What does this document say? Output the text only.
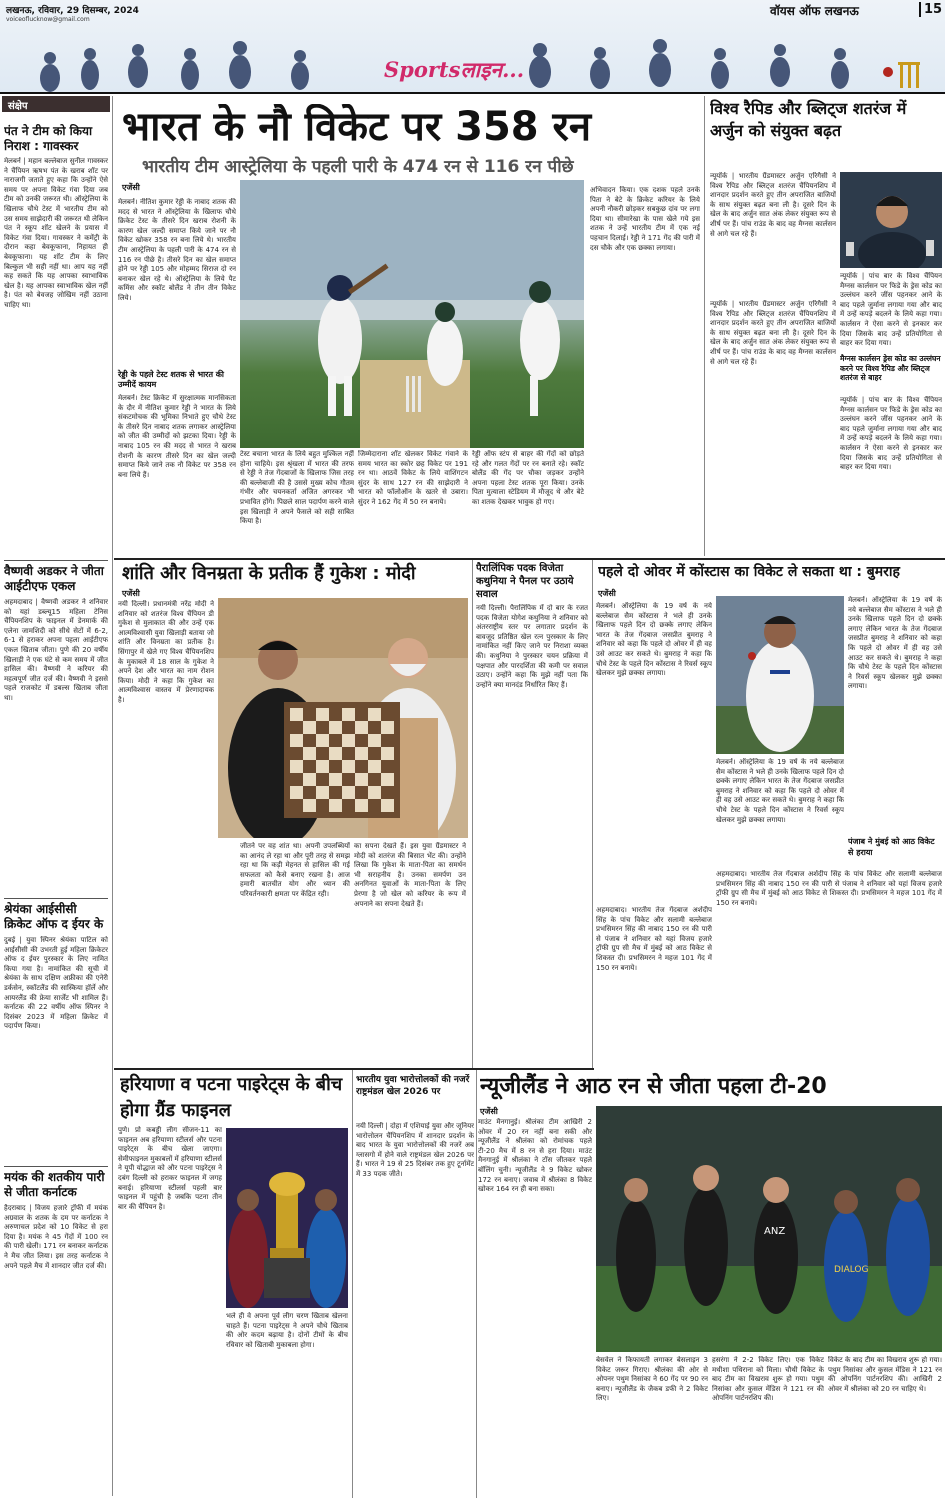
लखनऊ, रविवार, 29 दिसम्बर, 2024
voiceoflucknow@gmail.com
वॉयस ऑफ लखनऊ	15
Sportsलाइन...
संक्षेप
पंत ने टीम को किया निराश : गावस्कर
मेलबर्न | महान बल्लेबाज सुनील गावस्कर ने चैंपियन ऋषभ पंत के खराब शॉट पर नाराजगी जताते हुए कहा कि उन्होंने ऐसे समय पर अपना विकेट गंवा दिया जब टीम को उनकी जरूरत थी। ऑस्ट्रेलिया के खिलाफ चौथे टेस्ट में भारतीय टीम को उस समय साझेदारी की जरूरत थी लेकिन पंत ने स्कूप शॉट खेलने के प्रयास में विकेट गंवा दिया। गावस्कर ने कमेंट्री के दौरान कहा बेवकूफाना, निहायत ही बेवकूफाना। यह शॉट टीम के लिए बिल्कुल भी सही नहीं था। आप यह नहीं कह सकते कि यह आपका स्वाभाविक खेल है। यह आपका स्वाभाविक खेल नहीं है। पंत को बेवजह जोखिम नहीं उठाना चाहिए था।
वैष्णवी अडकर ने जीता आईटीएफ एकल
अहमदाबाद | वैष्णवी अडकर ने शनिवार को यहां डब्ल्यू15 महिला टेनिस चैंपियनशिप के फाइनल में डेनमार्क की एलेना जामशिदी को सीधे सेटों में 6-2, 6-1 से हराकर अपना पहला आईटीएफ एकल खिताब जीता। पुणे की 20 वर्षीय खिलाड़ी ने एक घंटे से कम समय में जीत हासिल की। वैष्णवी ने करियर की महत्वपूर्ण जीत दर्ज की। वैष्णवी ने इससे पहले राजकोट में डबल्स खिताब जीता था।
श्रेयंका आईसीसी क्रिकेट ऑफ द ईयर के
दुबई | युवा स्पिनर श्रेयंका पाटिल को आईसीसी की उभरती हुई महिला क्रिकेटर ऑफ द ईयर पुरस्कार के लिए नामित किया गया है। नामांकित की सूची में श्रेयंका के साथ दक्षिण अफ्रीका की एनेरी डर्कसेन, स्कॉटलैंड की सास्किया हॉर्ले और आयरलैंड की फ्रेया सार्जेंट भी शामिल हैं। कर्नाटक की 22 वर्षीय ऑफ स्पिनर ने दिसंबर 2023 में महिला क्रिकेट में पदार्पण किया।
मयंक की शतकीय पारी से जीता कर्नाटक
हैदराबाद | विजय हजारे ट्रॉफी में मयंक अग्रवाल के शतक के दम पर कर्नाटक ने अरुणाचल प्रदेश को 10 विकेट से हरा दिया है। मयंक ने 45 गेंदों में 100 रन की पारी खेली। 171 रन बनाकर कर्नाटक ने मैच जीत लिया। इस तरह कर्नाटक ने अपने पहले मैच में शानदार जीत दर्ज की।
भारत के नौ विकेट पर 358 रन
भारतीय टीम आस्ट्रेलिया के पहली पारी के 474 रन से 116 रन पीछे
एजेंसी
मेलबर्न। नीतिश कुमार रेड्डी के नाबाद शतक की मदद से भारत ने ऑस्ट्रेलिया के खिलाफ चौथे क्रिकेट टेस्ट के तीसरे दिन खराब रोशनी के कारण खेल जल्दी समाप्त किये जाने पर नौ विकेट खोकर 358 रन बना लिये थे। भारतीय टीम आस्ट्रेलिया के पहली पारी के 474 रन से 116 रन पीछे है। तीसरे दिन का खेल समाप्त होने पर रेड्डी 105 और मोहम्मद सिराज दो रन बनाकर खेल रहे थे। ऑस्ट्रेलिया के लिये पैट कमिंस और स्कॉट बोलैंड ने तीन तीन विकेट लिये।
रेड्डी के पहले टेस्ट शतक से भारत की उम्मीदें कायम
मेलबर्न। टेस्ट क्रिकेट में सुरक्षात्मक मानसिकता के दौर में नीतिश कुमार रेड्डी ने भारत के लिये संकटमोचक की भूमिका निभाते हुए चौथे टेस्ट के तीसरे दिन नाबाद शतक लगाकर आस्ट्रेलिया को जीत की उम्मीदों को झटका दिया। रेड्डी के नाबाद 105 रन की मदद से भारत ने खराब रोशनी के कारण तीसरे दिन का खेल जल्दी समाप्त किये जाने तक नौ विकेट पर 358 रन बना लिये हैं।
टेस्ट बचाना भारत के लिये बहुत मुश्किल नहीं होना चाहिये। इस श्रृंखला में भारत की तरफ से रेड्डी ने तेज गेंदबाजों के खिलाफ जिस तरह की बल्लेबाजी की है उससे मुख्य कोच गौतम गंभीर और चयनकर्ता अजित अगरकर भी प्रभावित होंगे। पिछले साल पदार्पण करने वाले इस खिलाड़ी ने अपने फैसले को सही साबित किया है।
जिम्मेदाराना शॉट खेलकर विकेट गंवाने के समय भारत का स्कोर छह विकेट पर 191 रन था। आठवें विकेट के लिये वाशिंगटन सुंदर के साथ 127 रन की साझेदारी ने भारत को फॉलोऑन के खतरे से उबारा। सुंदर ने 162 गेंद में 50 रन बनाये।
रेड्डी ऑफ स्टंप से बाहर की गेंदों को छोड़ते रहे और गलत गेंदों पर रन बनाते रहे। स्कॉट बोलैंड की गेंद पर चौका जड़कर उन्होंने अपना पहला टेस्ट शतक पूरा किया। उनके पिता मुत्याला स्टेडियम में मौजूद थे और बेटे का शतक देखकर भावुक हो गए।
अभिवादन किया। एक दशक पहले उनके पिता ने बेटे के क्रिकेट करियर के लिये अपनी नौकरी छोड़कर सबकुछ दांव पर लगा दिया था। सीमारेखा के पास खेले गये इस शतक ने उन्हें भारतीय टीम में एक नई पहचान दिलाई। रेड्डी ने 171 गेंद की पारी में दस चौके और एक छक्का लगाया।
विश्व रैपिड और ब्लिट्ज शतरंज में अर्जुन को संयुक्त बढ़त
न्यूयॉर्क | भारतीय ग्रैंडमास्टर अर्जुन एरिगैसी ने विश्व रैपिड और ब्लिट्ज शतरंज चैंपियनशिप में शानदार प्रदर्शन करते हुए तीन अपराजित बाजियों के साथ संयुक्त बढ़त बना ली है। दूसरे दिन के खेल के बाद अर्जुन सात अंक लेकर संयुक्त रूप से शीर्ष पर हैं। पांच राउंड के बाद वह मैग्नस कार्लसन से आगे चल रहे हैं।
न्यूयॉर्क | पांच बार के विश्व चैंपियन मैग्नस कार्लसन पर फिडे के ड्रेस कोड का उल्लंघन करने जींस पहनकर आने के बाद पहले जुर्माना लगाया गया और बाद में उन्हें कपड़े बदलने के लिये कहा गया। कार्लसन ने ऐसा करने से इनकार कर दिया जिसके बाद उन्हें प्रतियोगिता से बाहर कर दिया गया।
न्यूयॉर्क | भारतीय ग्रैंडमास्टर अर्जुन एरिगैसी ने विश्व रैपिड और ब्लिट्ज शतरंज चैंपियनशिप में शानदार प्रदर्शन करते हुए तीन अपराजित बाजियों के साथ संयुक्त बढ़त बना ली है। दूसरे दिन के खेल के बाद अर्जुन सात अंक लेकर संयुक्त रूप से शीर्ष पर हैं। पांच राउंड के बाद वह मैग्नस कार्लसन से आगे चल रहे हैं।	मैग्नस कार्लसन ड्रेस कोड का उल्लंघन करने पर विश्व रैपिड और ब्लिट्ज शतरंज से बाहर
न्यूयॉर्क | पांच बार के विश्व चैंपियन मैग्नस कार्लसन पर फिडे के ड्रेस कोड का उल्लंघन करने जींस पहनकर आने के बाद पहले जुर्माना लगाया गया और बाद में उन्हें कपड़े बदलने के लिये कहा गया। कार्लसन ने ऐसा करने से इनकार कर दिया जिसके बाद उन्हें प्रतियोगिता से बाहर कर दिया गया।
शांति और विनम्रता के प्रतीक हैं गुकेश : मोदी
एजेंसी
नयी दिल्ली। प्रधानमंत्री नरेंद्र मोदी ने शनिवार को शतरंज विश्व चैंपियन डी गुकेश से मुलाकात की और उन्हें एक आत्मविश्वासी युवा खिलाड़ी बताया जो शांति और विनम्रता का प्रतीक है। सिंगापुर में खेले गए विश्व चैंपियनशिप के मुकाबले में 18 साल के गुकेश ने अपने देश और भारत का नाम रोशन किया। मोदी ने कहा कि गुकेश का आत्मविश्वास वास्तव में प्रेरणादायक है।
जीतने पर वह शांत था। अपनी उपलब्धियों का आनंद ले रहा था और पूरी तरह से समझ रहा था कि कड़ी मेहनत से हासिल की गई सफलता को कैसे बनाए रखना है। आज हमारी बातचीत योग और ध्यान की परिवर्तनकारी क्षमता पर केंद्रित रही।
का सपना देखते हैं। इस युवा ग्रैंडमास्टर ने मोदी को शतरंज की बिसात भेंट की। उन्होंने लिखा कि गुकेश के माता-पिता का समर्थन भी सराहनीय है। उनका समर्पण उन अनगिनत युवाओं के माता-पिता के लिए प्रेरणा है जो खेल को करियर के रूप में अपनाने का सपना देखते हैं।
पैरालिंपिक पदक विजेता कथुनिया ने पैनल पर उठाये सवाल
नयी दिल्ली। पैरालिंपिक में दो बार के रजत पदक विजेता योगेश कथुनिया ने शनिवार को अंतरराष्ट्रीय स्तर पर लगातार प्रदर्शन के बावजूद प्रतिष्ठित खेल रत्न पुरस्कार के लिए नामांकित नहीं किए जाने पर निराशा व्यक्त की। कथुनिया ने पुरस्कार चयन प्रक्रिया में पक्षपात और पारदर्शिता की कमी पर सवाल उठाए। उन्होंने कहा कि मुझे नहीं पता कि उन्होंने क्या मानदंड निर्धारित किए हैं।
पहले दो ओवर में कोंस्टास का विकेट ले सकता था : बुमराह
एजेंसी
मेलबर्न। ऑस्ट्रेलिया के 19 वर्ष के नये बल्लेबाज सैम कोंस्टास ने भले ही उनके खिलाफ पहले दिन दो छक्के लगाए लेकिन भारत के तेज गेंदबाज जसप्रीत बुमराह ने शनिवार को कहा कि पहले दो ओवर में ही वह उसे आउट कर सकते थे। बुमराह ने कहा कि चौथे टेस्ट के पहले दिन कोंस्टास ने रिवर्स स्कूप खेलकर मुझे छक्का लगाया।
मेलबर्न। ऑस्ट्रेलिया के 19 वर्ष के नये बल्लेबाज सैम कोंस्टास ने भले ही उनके खिलाफ पहले दिन दो छक्के लगाए लेकिन भारत के तेज गेंदबाज जसप्रीत बुमराह ने शनिवार को कहा कि पहले दो ओवर में ही वह उसे आउट कर सकते थे। बुमराह ने कहा कि चौथे टेस्ट के पहले दिन कोंस्टास ने रिवर्स स्कूप खेलकर मुझे छक्का लगाया।
पंजाब ने मुंबई को आठ विकेट से हराया
अहमदाबाद। भारतीय तेज गेंदबाज अर्शदीप सिंह के पांच विकेट और सलामी बल्लेबाज प्रभसिमरन सिंह की नाबाद 150 रन की पारी से पंजाब ने शनिवार को यहां विजय हजारे ट्रॉफी ग्रुप सी मैच में मुंबई को आठ विकेट से शिकस्त दी। प्रभसिमरन ने महज 101 गेंद में 150 रन बनाये।
अहमदाबाद। भारतीय तेज गेंदबाज अर्शदीप सिंह के पांच विकेट और सलामी बल्लेबाज प्रभसिमरन सिंह की नाबाद 150 रन की पारी से पंजाब ने शनिवार को यहां विजय हजारे ट्रॉफी ग्रुप सी मैच में मुंबई को आठ विकेट से शिकस्त दी। प्रभसिमरन ने महज 101 गेंद में 150 रन बनाये।
मेलबर्न। ऑस्ट्रेलिया के 19 वर्ष के नये बल्लेबाज सैम कोंस्टास ने भले ही उनके खिलाफ पहले दिन दो छक्के लगाए लेकिन भारत के तेज गेंदबाज जसप्रीत बुमराह ने शनिवार को कहा कि पहले दो ओवर में ही वह उसे आउट कर सकते थे। बुमराह ने कहा कि चौथे टेस्ट के पहले दिन कोंस्टास ने रिवर्स स्कूप खेलकर मुझे छक्का लगाया।
हरियाणा व पटना पाइरेट्स के बीच होगा ग्रैंड फाइनल
पुणे। प्रो कबड्डी लीग सीजन-11 का फाइनल अब हरियाणा स्टीलर्स और पटना पाइरेट्स के बीच खेला जाएगा। सेमीफाइनल मुकाबलों में हरियाणा स्टीलर्स ने यूपी योद्धाज को और पटना पाइरेट्स ने दबंग दिल्ली को हराकर फाइनल में जगह बनाई। हरियाणा स्टीलर्स पहली बार फाइनल में पहुंची है जबकि पटना तीन बार की चैंपियन है।
भले ही वे अपना पूर्व लीग चरण खिताब खेलना चाहते हैं। पटना पाइरेट्स ने अपने चौथे खिताब की ओर कदम बढ़ाया है। दोनों टीमों के बीच रविवार को खिताबी मुकाबला होगा।
भारतीय युवा भारोत्तोलकों की नजरें राष्ट्रमंडल खेल 2026 पर
नयी दिल्ली | दोहा में एशियाई युवा और जूनियर भारोत्तोलन चैंपियनशिप में शानदार प्रदर्शन के बाद भारत के युवा भारोत्तोलकों की नजरें अब ग्लासगो में होने वाले राष्ट्रमंडल खेल 2026 पर हैं। भारत ने 19 से 25 दिसंबर तक हुए टूर्नामेंट में 33 पदक जीते।
न्यूजीलैंड ने आठ रन से जीता पहला टी-20
एजेंसी
माउंट मैनगानुई। श्रीलंका टीम आखिरी 2 ओवर में 20 रन नहीं बना सकी और न्यूजीलैंड ने श्रीलंका को रोमांचक पहले टी-20 मैच में 8 रन से हरा दिया। माउंट मैनगानुई में श्रीलंका ने टॉस जीतकर पहले बॉलिंग चुनी। न्यूजीलैंड ने 9 विकेट खोकर 172 रन बनाए। जवाब में श्रीलंका 8 विकेट खोकर 164 रन ही बना सका।
ANZ
DIALOG
बेसवेल ने किफायती लगाकर बेसलाइन 3 विकेट जरूर गिराए। श्रीलंका की ओर से ओपनर पथुम निसांका ने 60 गेंद पर 90 रन बनाए। न्यूजीलैंड के जैकब डफी ने 2 विकेट लिए।
हसरंगा ने 2-2 विकेट लिए। एक विकेट मथीशा पथिराना को मिला। चौथी विकेट के बाद टीम का विखराव शुरू हो गया। पथुम निसांका और कुसल मेंडिस ने 121 रन की ओपनिंग पार्टनरशिप की।
विकेट के बाद टीम का विखराव शुरू हो गया। पथुम निसांका और कुसल मेंडिस ने 121 रन की ओपनिंग पार्टनरशिप की। आखिरी 2 ओवर में श्रीलंका को 20 रन चाहिए थे।
